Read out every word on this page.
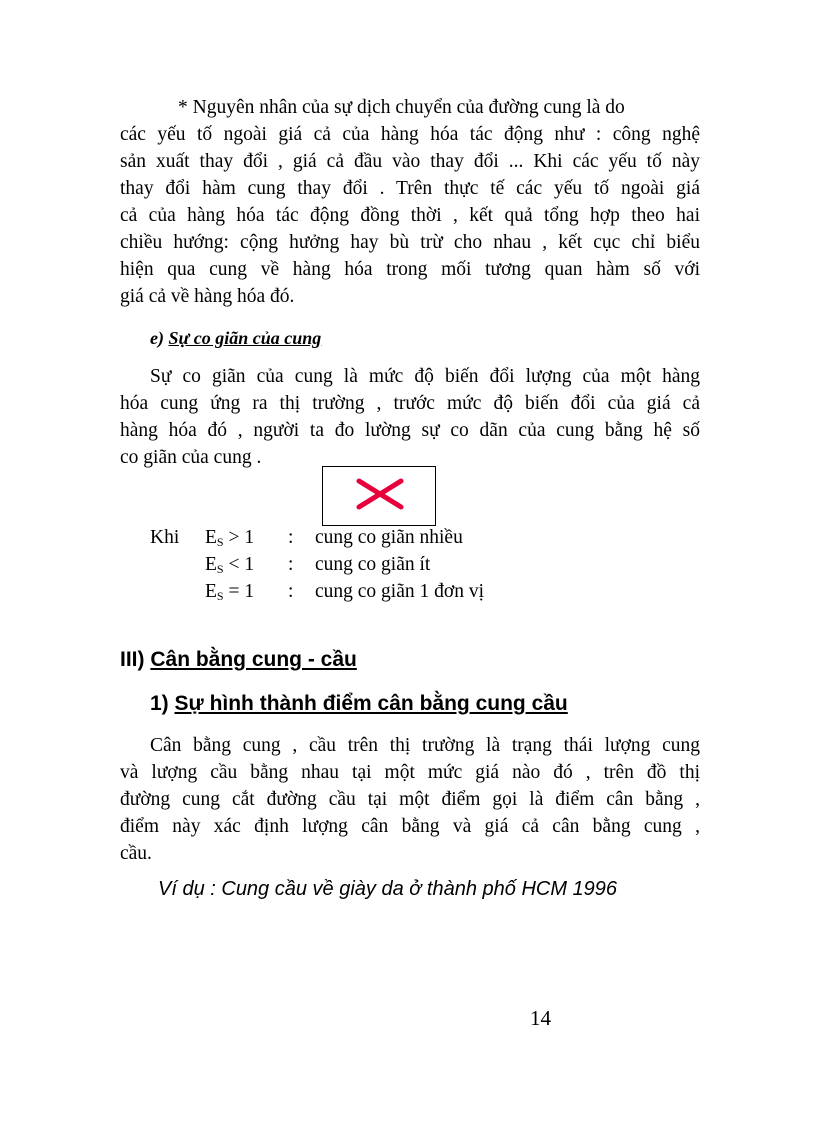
* Nguyên nhân của sự dịch chuyển của đường cung là do
các yếu tố ngoài giá cả của hàng hóa tác động như : công nghệ
sản xuất thay đổi , giá cả đầu vào thay đổi ... Khi các yếu tố này
thay đổi hàm cung thay đổi . Trên thực tế các yếu tố ngoài giá
cả của hàng hóa tác động đồng thời , kết quả tổng hợp theo hai
chiều hướng: cộng hưởng hay bù trừ cho nhau , kết cục chỉ biểu
hiện qua cung về hàng hóa trong mối tương quan hàm số với
giá cả về hàng hóa đó.
e) Sự co giãn của cung
Sự co giãn của cung là mức độ biến đổi lượng của một hàng
hóa cung ứng ra thị trường , trước mức độ biến đổi của giá cả
hàng hóa đó , người ta đo lường sự co dãn của cung bằng hệ số
co giãn của cung .
Khi $E_S > 1$ : cung co giãn nhiều
$E_S < 1$ : cung co giãn ít
$E_S = 1$ : cung co giãn 1 đơn vị
III) Cân bằng cung - cầu
1) Sự hình thành điểm cân bằng cung cầu
Cân bằng cung , cầu trên thị trường là trạng thái lượng cung
và lượng cầu bằng nhau tại một mức giá nào đó , trên đồ thị
đường cung cắt đường cầu tại một điểm gọi là điểm cân bằng ,
điểm này xác định lượng cân bằng và giá cả cân bằng cung ,
cầu.
Ví dụ : Cung cầu về giày da ở thành phố HCM 1996
14
